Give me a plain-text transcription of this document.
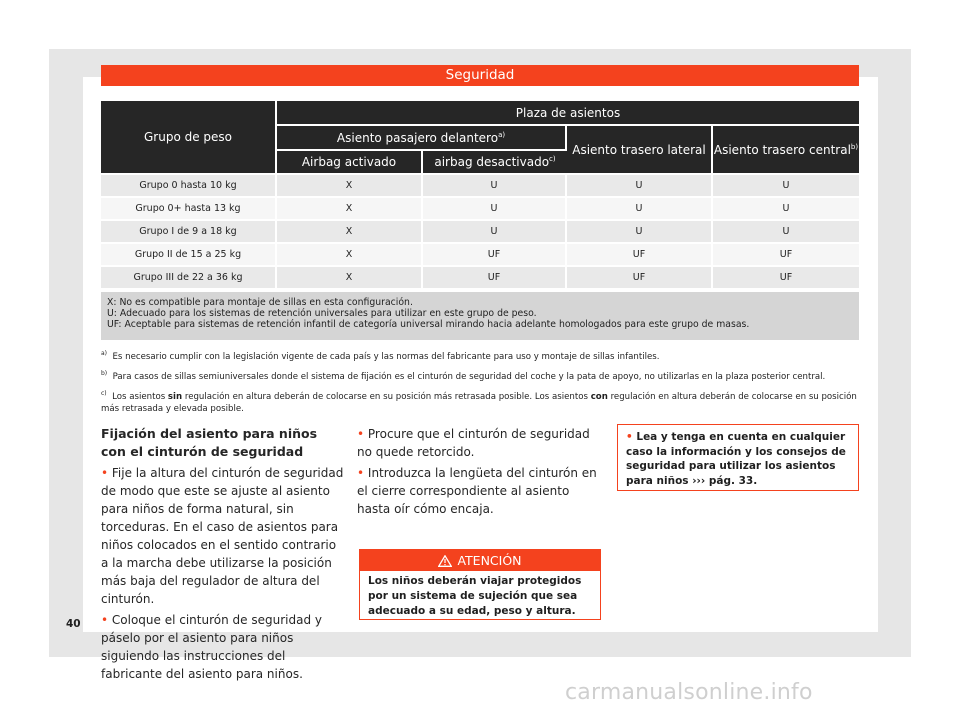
Seguridad
Grupo de peso	Plaza de asientos			
	Asiento pasajero delantero$^{a)}$		Asiento trasero lateral	Asiento trasero central$^{b)}$
	Airbag activado	airbag desactivado$^{c)}$
Grupo 0 hasta 10 kg	X	U	U	U
Grupo 0+ hasta 13 kg	X	U	U	U
Grupo I de 9 a 18 kg	X	U	U	U
Grupo II de 15 a 25 kg	X	UF	UF	UF
Grupo III de 22 a 36 kg	X	UF	UF	UF
X: No es compatible para montaje de sillas en esta configuración.
U: Adecuado para los sistemas de retención universales para utilizar en este grupo de peso.
UF: Aceptable para sistemas de retención infantil de categoría universal mirando hacia adelante homologados para este grupo de masas.

$^{a)}$ Es necesario cumplir con la legislación vigente de cada país y las normas del fabricante para uso y montaje de sillas infantiles.

$^{b)}$ Para casos de sillas semiuniversales donde el sistema de fijación es el cinturón de seguridad del coche y la pata de apoyo, no utilizarlas en la plaza posterior central.

$^{c)}$ Los asientos sin regulación en altura deberán de colocarse en su posición más retrasada posible. Los asientos con regulación en altura deberán de colocarse en su posición más retrasada y elevada posible.

Fijación del asiento para niños con el cinturón de seguridad
• Fije la altura del cinturón de seguridad de modo que este se ajuste al asiento para niños de forma natural, sin torceduras. En el caso de asientos para niños colocados en el sentido contrario a la marcha debe utilizarse la posición más baja del regulador de altura del cinturón.
• Coloque el cinturón de seguridad y páselo por el asiento para niños siguiendo las instrucciones del fabricante del asiento para niños.
• Procure que el cinturón de seguridad no quede retorcido.
• Introduzca la lengüeta del cinturón en el cierre correspondiente al asiento hasta oír cómo encaja.
ATENCIÓN
Los niños deberán viajar protegidos por un sistema de sujeción que sea adecuado a su edad, peso y altura.
• Lea y tenga en cuenta en cualquier caso la información y los consejos de seguridad para utilizar los asientos para niños ››› pág. 33.
40
carmanualsonline.info
